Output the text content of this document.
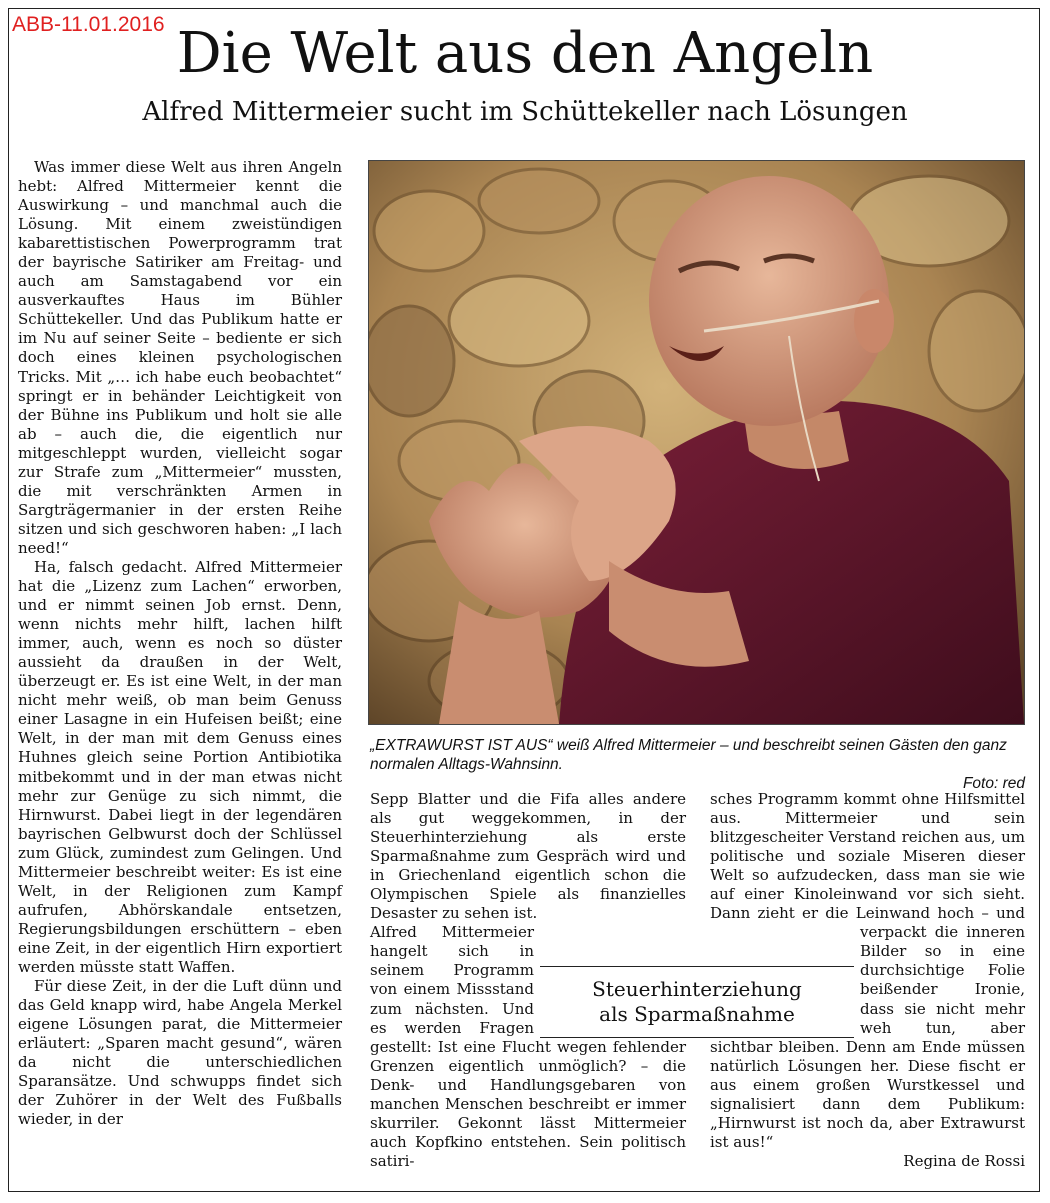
ABB-11.01.2016 Die Welt aus den Angeln
Alfred Mittermeier sucht im Schüttekeller nach Lösungen

Was immer diese Welt aus ihren Angeln hebt: Alfred Mittermeier kennt die Auswirkung – und manchmal auch die Lösung. Mit einem zweistündigen kabarettistischen Powerprogramm trat der bayrische Satiriker am Freitag- und auch am Samstagabend vor ein ausverkauftes Haus im Bühler Schüttekeller. Und das Publikum hatte er im Nu auf seiner Seite – bediente er sich doch eines kleinen psychologischen Tricks. Mit „… ich habe euch beobachtet“ springt er in behänder Leichtigkeit von der Bühne ins Publikum und holt sie alle ab – auch die, die eigentlich nur mitgeschleppt wurden, vielleicht sogar zur Strafe zum „Mittermeier“ mussten, die mit verschränkten Armen in Sargträgermanier in der ersten Reihe sitzen und sich geschworen haben: „I lach need!“

Ha, falsch gedacht. Alfred Mittermeier hat die „Lizenz zum Lachen“ erworben, und er nimmt seinen Job ernst. Denn, wenn nichts mehr hilft, lachen hilft immer, auch, wenn es noch so düster aussieht da draußen in der Welt, überzeugt er. Es ist eine Welt, in der man nicht mehr weiß, ob man beim Genuss einer Lasagne in ein Hufeisen beißt; eine Welt, in der man mit dem Genuss eines Huhnes gleich seine Portion Antibiotika mitbekommt und in der man etwas nicht mehr zur Genüge zu sich nimmt, die Hirnwurst. Dabei liegt in der legendären bayrischen Gelbwurst doch der Schlüssel zum Glück, zumindest zum Gelingen. Und Mittermeier beschreibt weiter: Es ist eine Welt, in der Religionen zum Kampf aufrufen, Abhörskandale entsetzen, Regierungsbildungen erschüttern – eben eine Zeit, in der eigentlich Hirn exportiert werden müsste statt Waffen.

Für diese Zeit, in der die Luft dünn und das Geld knapp wird, habe Angela Merkel eigene Lösungen parat, die Mittermeier erläutert: „Sparen macht gesund“, wären da nicht die unterschiedlichen Sparansätze. Und schwupps findet sich der Zuhörer in der Welt des Fußballs wieder, in der

„EXTRAWURST IST AUS“ weiß Alfred Mittermeier – und beschreibt seinen Gästen den ganz normalen Alltags-Wahnsinn.
Foto: red

Sepp Blatter und die Fifa alles andere als gut weggekommen, in der Steuerhinterziehung als erste Sparmaßnahme zum Gespräch wird und in Griechenland eigentlich schon die Olympischen Spiele als finanzielles Desaster zu sehen ist.

Alfred Mittermeier hangelt sich in seinem Programm von einem Missstand zum nächsten. Und es werden Fragen gestellt: Ist eine Flucht wegen fehlender Grenzen eigentlich unmöglich? – die Denk- und Handlungsgebaren von manchen Menschen beschreibt er immer skurriler. Gekonnt lässt Mittermeier auch Kopfkino entstehen. Sein politisch satiri-

sches Programm kommt ohne Hilfsmittel aus. Mittermeier und sein blitzgescheiter Verstand reichen aus, um politische und soziale Miseren dieser Welt so aufzudecken, dass man sie wie auf einer Kinoleinwand vor sich sieht. Dann zieht er die Leinwand hoch – und verpackt die inneren Bilder so in eine durchsichtige Folie beißender Ironie, dass sie nicht mehr weh tun, aber sichtbar bleiben. Denn am Ende müssen natürlich Lösungen her. Diese fischt er aus einem großen Wurstkessel und signalisiert dann dem Publikum: „Hirnwurst ist noch da, aber Extrawurst ist aus!“

Regina de Rossi
Steuerhinterziehung
als Sparmaßnahme
